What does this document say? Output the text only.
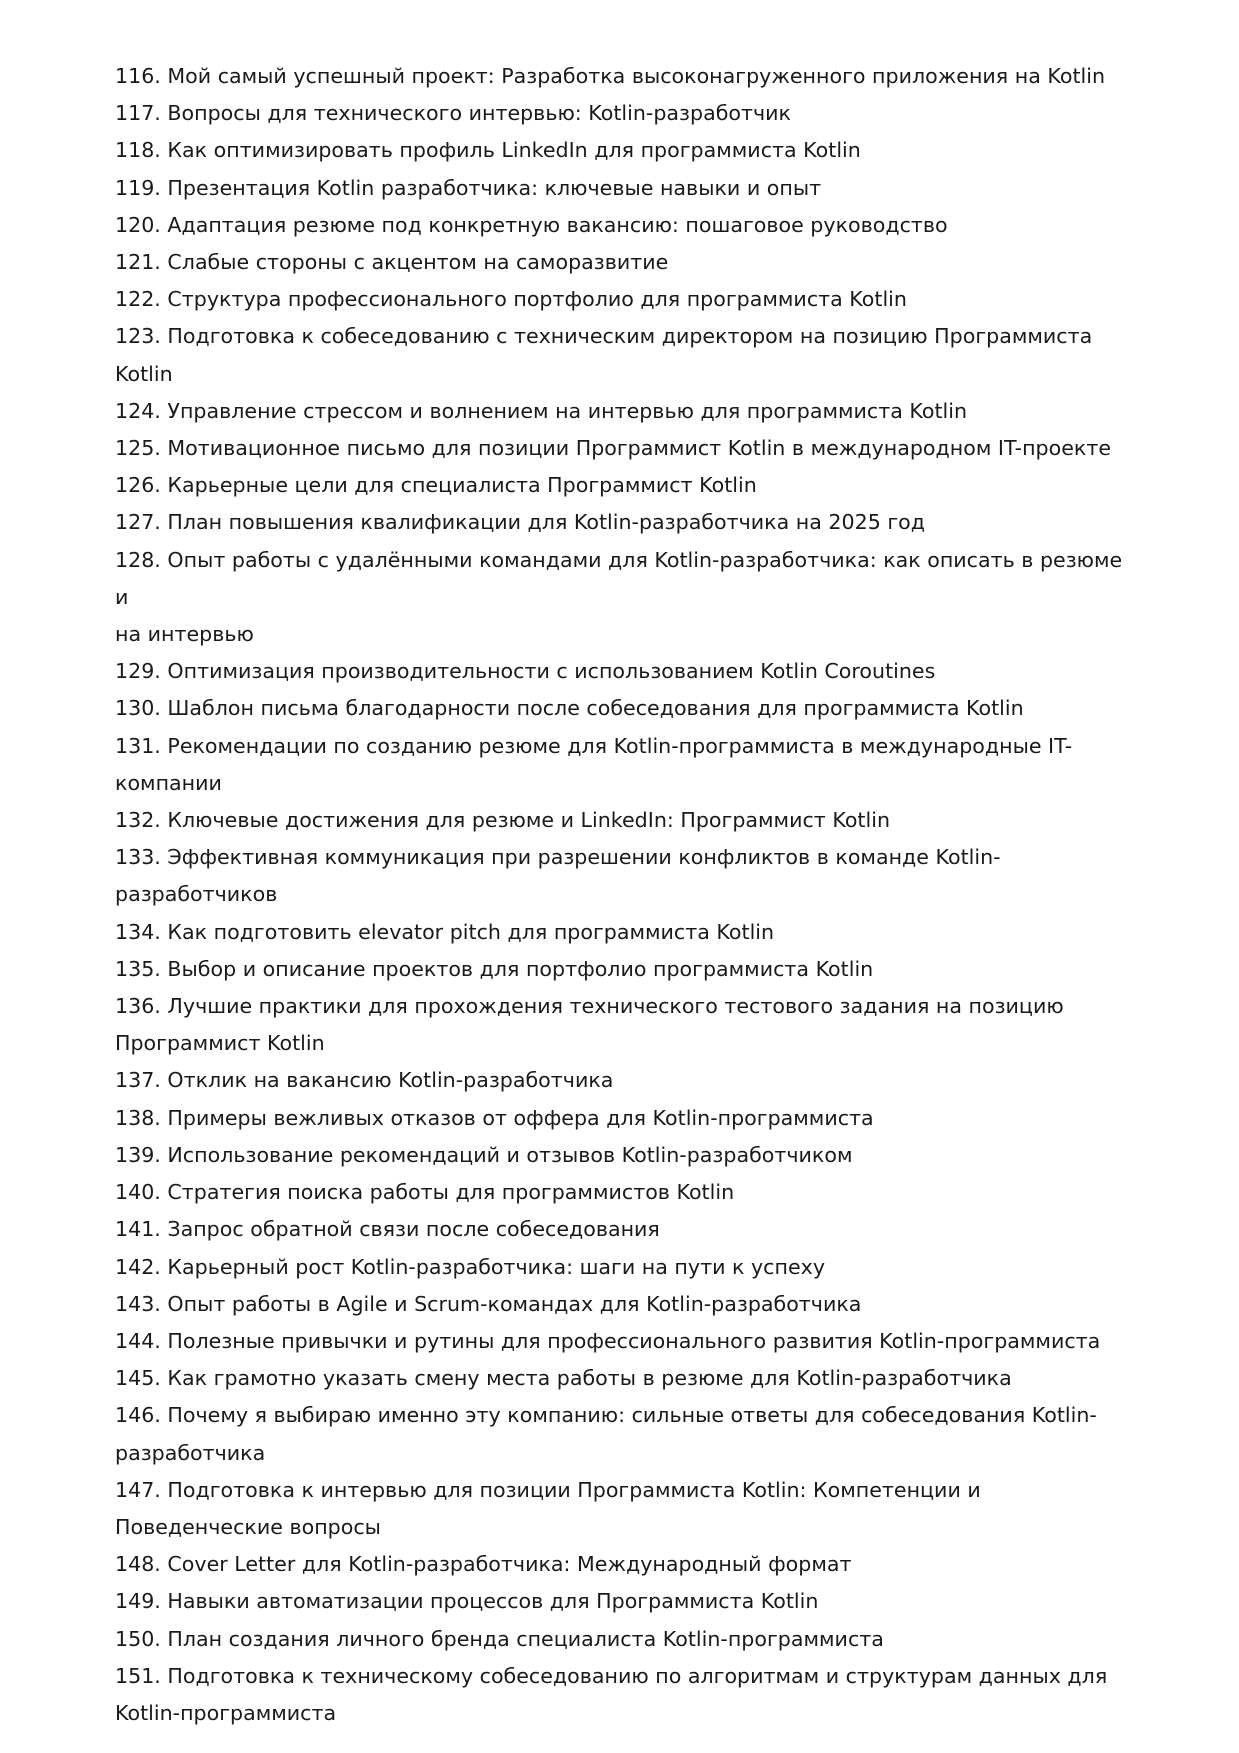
116. Мой самый успешный проект: Разработка высоконагруженного приложения на Kotlin

117. Вопросы для технического интервью: Kotlin-разработчик

118. Как оптимизировать профиль LinkedIn для программиста Kotlin

119. Презентация Kotlin разработчика: ключевые навыки и опыт

120. Адаптация резюме под конкретную вакансию: пошаговое руководство

121. Слабые стороны с акцентом на саморазвитие

122. Структура профессионального портфолио для программиста Kotlin

123. Подготовка к собеседованию с техническим директором на позицию Программиста

Kotlin

124. Управление стрессом и волнением на интервью для программиста Kotlin

125. Мотивационное письмо для позиции Программист Kotlin в международном IT-проекте

126. Карьерные цели для специалиста Программист Kotlin

127. План повышения квалификации для Kotlin-разработчика на 2025 год

128. Опыт работы с удалёнными командами для Kotlin-разработчика: как описать в резюме и

на интервью

129. Оптимизация производительности с использованием Kotlin Coroutines

130. Шаблон письма благодарности после собеседования для программиста Kotlin

131. Рекомендации по созданию резюме для Kotlin-программиста в международные IT-

компании

132. Ключевые достижения для резюме и LinkedIn: Программист Kotlin

133. Эффективная коммуникация при разрешении конфликтов в команде Kotlin-

разработчиков

134. Как подготовить elevator pitch для программиста Kotlin

135. Выбор и описание проектов для портфолио программиста Kotlin

136. Лучшие практики для прохождения технического тестового задания на позицию

Программист Kotlin

137. Отклик на вакансию Kotlin-разработчика

138. Примеры вежливых отказов от оффера для Kotlin-программиста

139. Использование рекомендаций и отзывов Kotlin-разработчиком

140. Стратегия поиска работы для программистов Kotlin

141. Запрос обратной связи после собеседования

142. Карьерный рост Kotlin-разработчика: шаги на пути к успеху

143. Опыт работы в Agile и Scrum-командах для Kotlin-разработчика

144. Полезные привычки и рутины для профессионального развития Kotlin-программиста

145. Как грамотно указать смену места работы в резюме для Kotlin-разработчика

146. Почему я выбираю именно эту компанию: сильные ответы для собеседования Kotlin-

разработчика

147. Подготовка к интервью для позиции Программиста Kotlin: Компетенции и

Поведенческие вопросы

148. Cover Letter для Kotlin-разработчика: Международный формат

149. Навыки автоматизации процессов для Программиста Kotlin

150. План создания личного бренда специалиста Kotlin-программиста

151. Подготовка к техническому собеседованию по алгоритмам и структурам данных для

Kotlin-программиста
